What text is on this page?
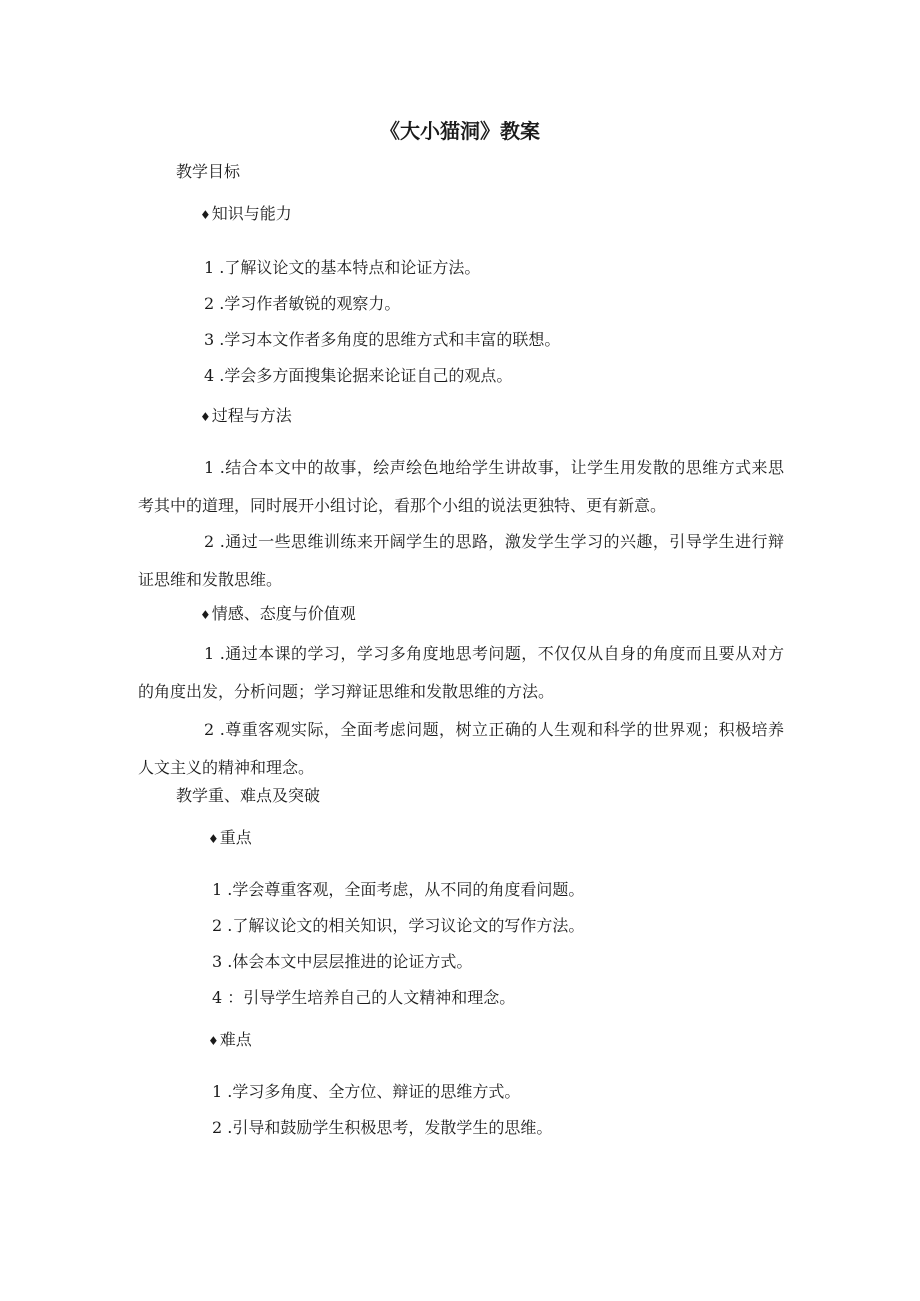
《大小猫洞》教案

教学目标

♦知识与能力

1 .了解议论文的基本特点和论证方法。

2 .学习作者敏锐的观察力。

3 .学习本文作者多角度的思维方式和丰富的联想。

4 .学会多方面搜集论据来论证自己的观点。

♦过程与方法

1 .结合本文中的故事，绘声绘色地给学生讲故事，让学生用发散的思维方式来思考其中的道理，同时展开小组讨论，看那个小组的说法更独特、更有新意。

2 .通过一些思维训练来开阔学生的思路，激发学生学习的兴趣，引导学生进行辩证思维和发散思维。

♦情感、态度与价值观

1 .通过本课的学习，学习多角度地思考问题，不仅仅从自身的角度而且要从对方的角度出发，分析问题；学习辩证思维和发散思维的方法。

2 .尊重客观实际，全面考虑问题，树立正确的人生观和科学的世界观；积极培养人文主义的精神和理念。

教学重、难点及突破

♦重点

1 .学会尊重客观，全面考虑，从不同的角度看问题。

2 .了解议论文的相关知识，学习议论文的写作方法。

3 .体会本文中层层推进的论证方式。

4 ：引导学生培养自己的人文精神和理念。

♦难点

1 .学习多角度、全方位、辩证的思维方式。

2 .引导和鼓励学生积极思考，发散学生的思维。
